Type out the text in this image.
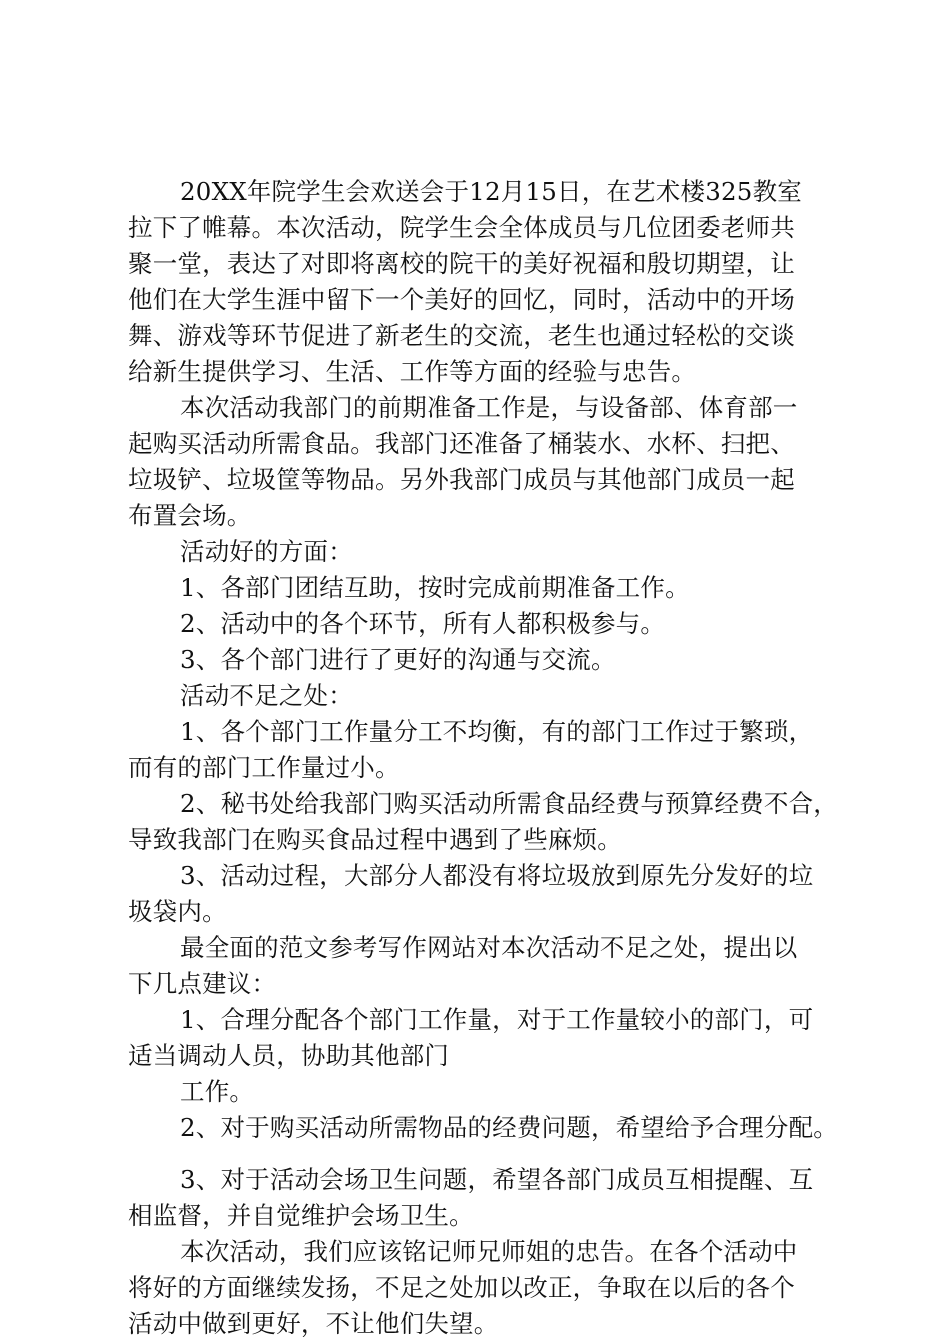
20XX年院学生会欢送会于12月15日，在艺术楼325教室
拉下了帷幕。本次活动，院学生会全体成员与几位团委老师共
聚一堂，表达了对即将离校的院干的美好祝福和殷切期望，让
他们在大学生涯中留下一个美好的回忆，同时，活动中的开场
舞、游戏等环节促进了新老生的交流，老生也通过轻松的交谈
给新生提供学习、生活、工作等方面的经验与忠告。
本次活动我部门的前期准备工作是，与设备部、体育部一
起购买活动所需食品。我部门还准备了桶装水、水杯、扫把、
垃圾铲、垃圾筐等物品。另外我部门成员与其他部门成员一起
布置会场。
活动好的方面：
1、各部门团结互助，按时完成前期准备工作。
2、活动中的各个环节，所有人都积极参与。
3、各个部门进行了更好的沟通与交流。
活动不足之处：
1、各个部门工作量分工不均衡，有的部门工作过于繁琐，
而有的部门工作量过小。
2、秘书处给我部门购买活动所需食品经费与预算经费不合，
导致我部门在购买食品过程中遇到了些麻烦。
3、活动过程，大部分人都没有将垃圾放到原先分发好的垃
圾袋内。
最全面的范文参考写作网站对本次活动不足之处，提出以
下几点建议：
1、合理分配各个部门工作量，对于工作量较小的部门，可
适当调动人员，协助其他部门
工作。
2、对于购买活动所需物品的经费问题，希望给予合理分配。
3、对于活动会场卫生问题，希望各部门成员互相提醒、互
相监督，并自觉维护会场卫生。
本次活动，我们应该铭记师兄师姐的忠告。在各个活动中
将好的方面继续发扬，不足之处加以改正，争取在以后的各个
活动中做到更好，不让他们失望。
